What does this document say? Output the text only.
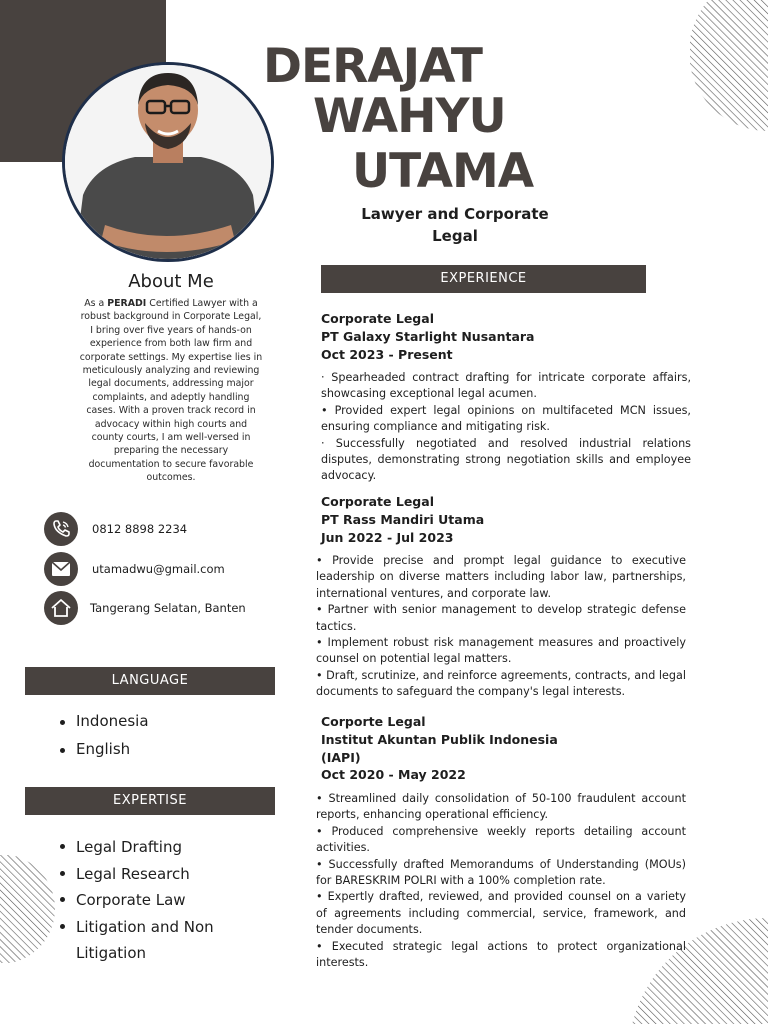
DERAJAT
WAHYU
UTAMA
Lawyer and Corporate Legal
About Me
As a PERADI Certified Lawyer with a robust background in Corporate Legal, I bring over five years of hands-on experience from both law firm and corporate settings. My expertise lies in meticulously analyzing and reviewing legal documents, addressing major complaints, and adeptly handling cases. With a proven track record in advocacy within high courts and county courts, I am well-versed in preparing the necessary documentation to secure favorable outcomes.
0812 8898 2234
utamadwu@gmail.com
Tangerang Selatan, Banten
LANGUAGE
Indonesia
English
EXPERTISE
Legal Drafting
Legal Research
Corporate Law
Litigation and Non Litigation
EXPERIENCE
Corporate Legal
PT Galaxy Starlight Nusantara
Oct 2023 - Present
· Spearheaded contract drafting for intricate corporate affairs, showcasing exceptional legal acumen.
• Provided expert legal opinions on multifaceted MCN issues, ensuring compliance and mitigating risk.
· Successfully negotiated and resolved industrial relations disputes, demonstrating strong negotiation skills and employee advocacy.
Corporate Legal
PT Rass Mandiri Utama
Jun 2022 - Jul 2023
• Provide precise and prompt legal guidance to executive leadership on diverse matters including labor law, partnerships, international ventures, and corporate law.
• Partner with senior management to develop strategic defense tactics.
• Implement robust risk management measures and proactively counsel on potential legal matters.
• Draft, scrutinize, and reinforce agreements, contracts, and legal documents to safeguard the company's legal interests.
Corporte Legal
Institut Akuntan Publik Indonesia (IAPI)
Oct 2020 - May 2022
• Streamlined daily consolidation of 50-100 fraudulent account reports, enhancing operational efficiency.
• Produced comprehensive weekly reports detailing account activities.
• Successfully drafted Memorandums of Understanding (MOUs) for BARESKRIM POLRI with a 100% completion rate.
• Expertly drafted, reviewed, and provided counsel on a variety of agreements including commercial, service, framework, and tender documents.
• Executed strategic legal actions to protect organizational interests.
